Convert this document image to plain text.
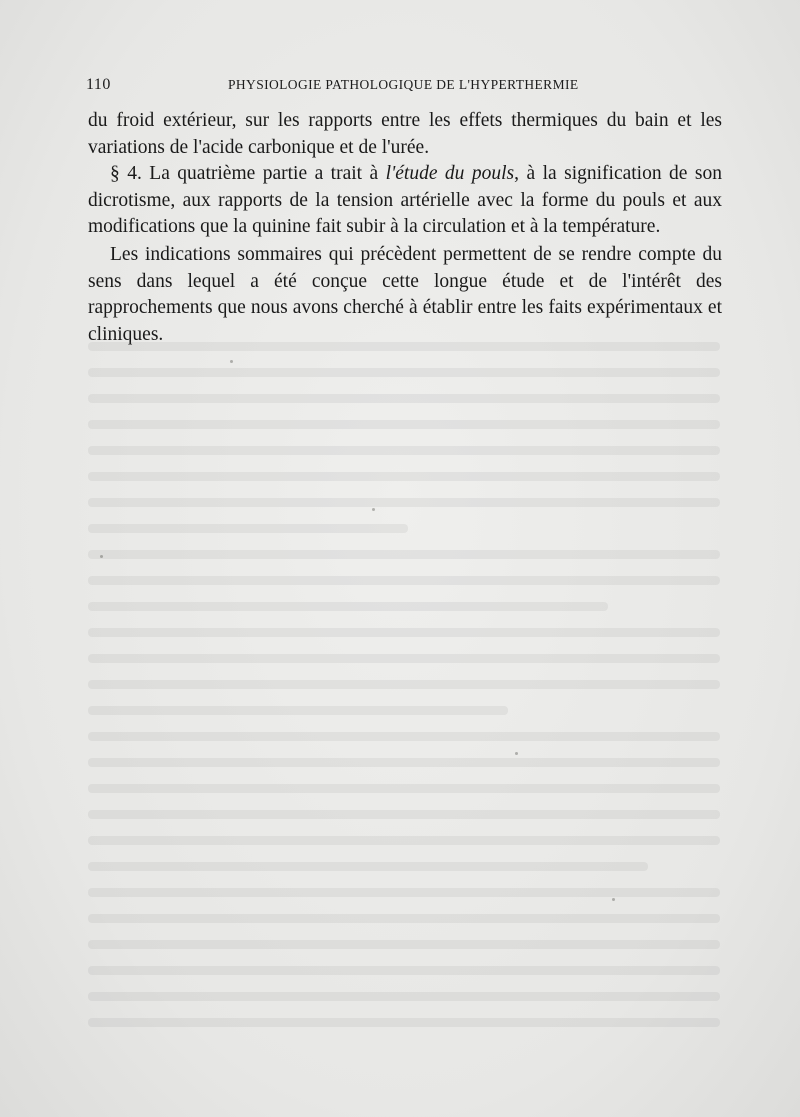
110	PHYSIOLOGIE PATHOLOGIQUE DE L'HYPERTHERMIE

du froid extérieur, sur les rapports entre les effets thermiques du bain et les variations de l'acide carbonique et de l'urée.

§ 4. La quatrième partie a trait à l'étude du pouls, à la signification de son dicrotisme, aux rapports de la tension artérielle avec la forme du pouls et aux modifications que la quinine fait subir à la circulation et à la température.

Les indications sommaires qui précèdent permettent de se rendre compte du sens dans lequel a été conçue cette longue étude et de l'intérêt des rapprochements que nous avons cherché à établir entre les faits expérimentaux et cliniques.
